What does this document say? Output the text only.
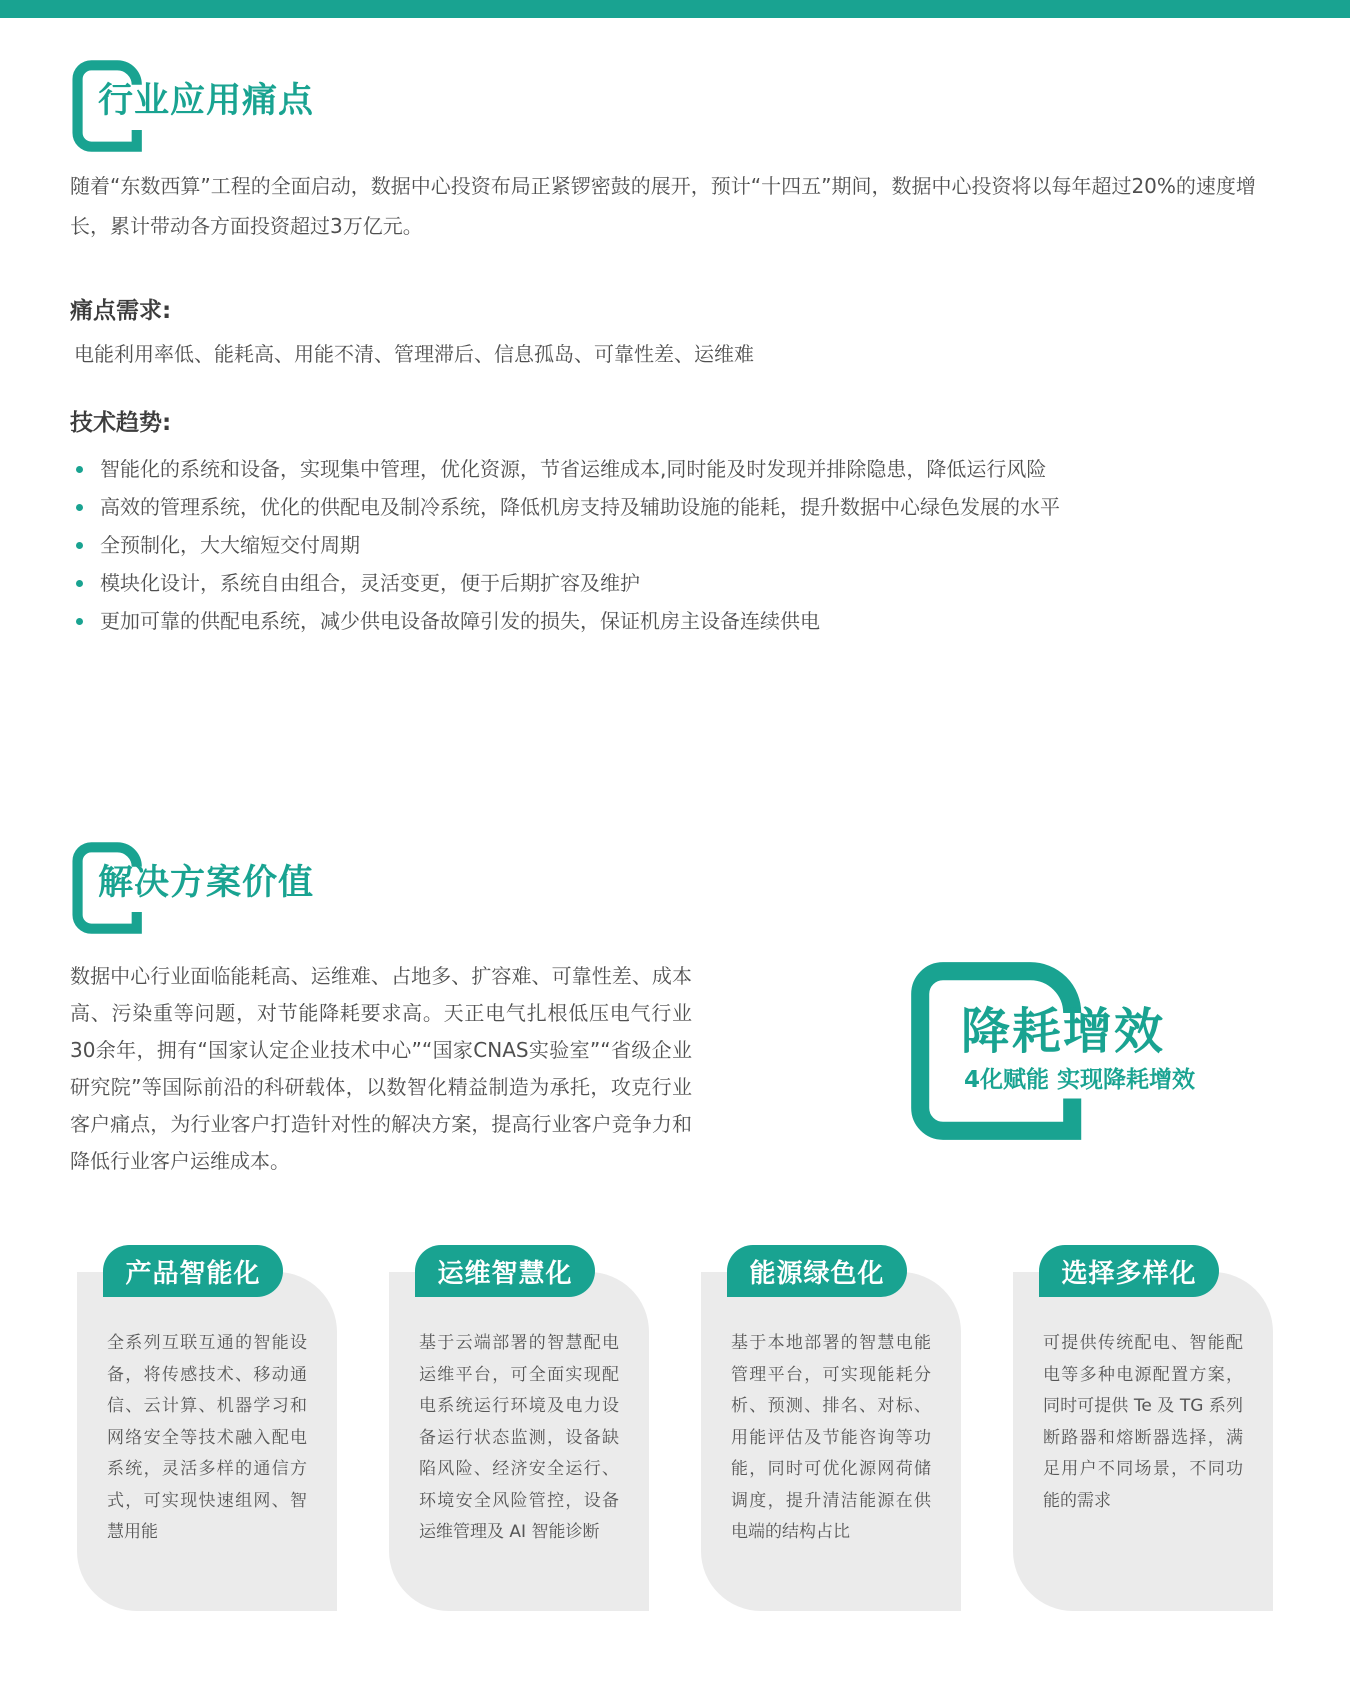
行业应用痛点

随着“东数西算”工程的全面启动，数据中心投资布局正紧锣密鼓的展开，预计“十四五”期间，数据中心投资将以每年超过20%的速度增长，累计带动各方面投资超过3万亿元。

痛点需求:

电能利用率低、能耗高、用能不清、管理滞后、信息孤岛、可靠性差、运维难

技术趋势:
智能化的系统和设备，实现集中管理，优化资源，节省运维成本,同时能及时发现并排除隐患，降低运行风险
高效的管理系统，优化的供配电及制冷系统，降低机房支持及辅助设施的能耗，提升数据中心绿色发展的水平
全预制化，大大缩短交付周期
模块化设计，系统自由组合，灵活变更，便于后期扩容及维护
更加可靠的供配电系统，减少供电设备故障引发的损失，保证机房主设备连续供电
解决方案价值

数据中心行业面临能耗高、运维难、占地多、扩容难、可靠性差、成本高、污染重等问题，对节能降耗要求高。天正电气扎根低压电气行业30余年，拥有“国家认定企业技术中心”“国家CNAS实验室”“省级企业研究院”等国际前沿的科研载体，以数智化精益制造为承托，攻克行业客户痛点，为行业客户打造针对性的解决方案，提高行业客户竞争力和降低行业客户运维成本。

降耗增效
4化赋能 实现降耗增效
产品智能化

全系列互联互通的智能设备，将传感技术、移动通信、云计算、机器学习和网络安全等技术融入配电系统，灵活多样的通信方式，可实现快速组网、智慧用能

运维智慧化

基于云端部署的智慧配电运维平台，可全面实现配电系统运行环境及电力设备运行状态监测，设备缺陷风险、经济安全运行、环境安全风险管控，设备运维管理及 AI 智能诊断

能源绿色化

基于本地部署的智慧电能管理平台，可实现能耗分析、预测、排名、对标、用能评估及节能咨询等功能，同时可优化源网荷储调度，提升清洁能源在供电端的结构占比

选择多样化

可提供传统配电、智能配电等多种电源配置方案，同时可提供 Te 及 TG 系列断路器和熔断器选择，满足用户不同场景，不同功能的需求
